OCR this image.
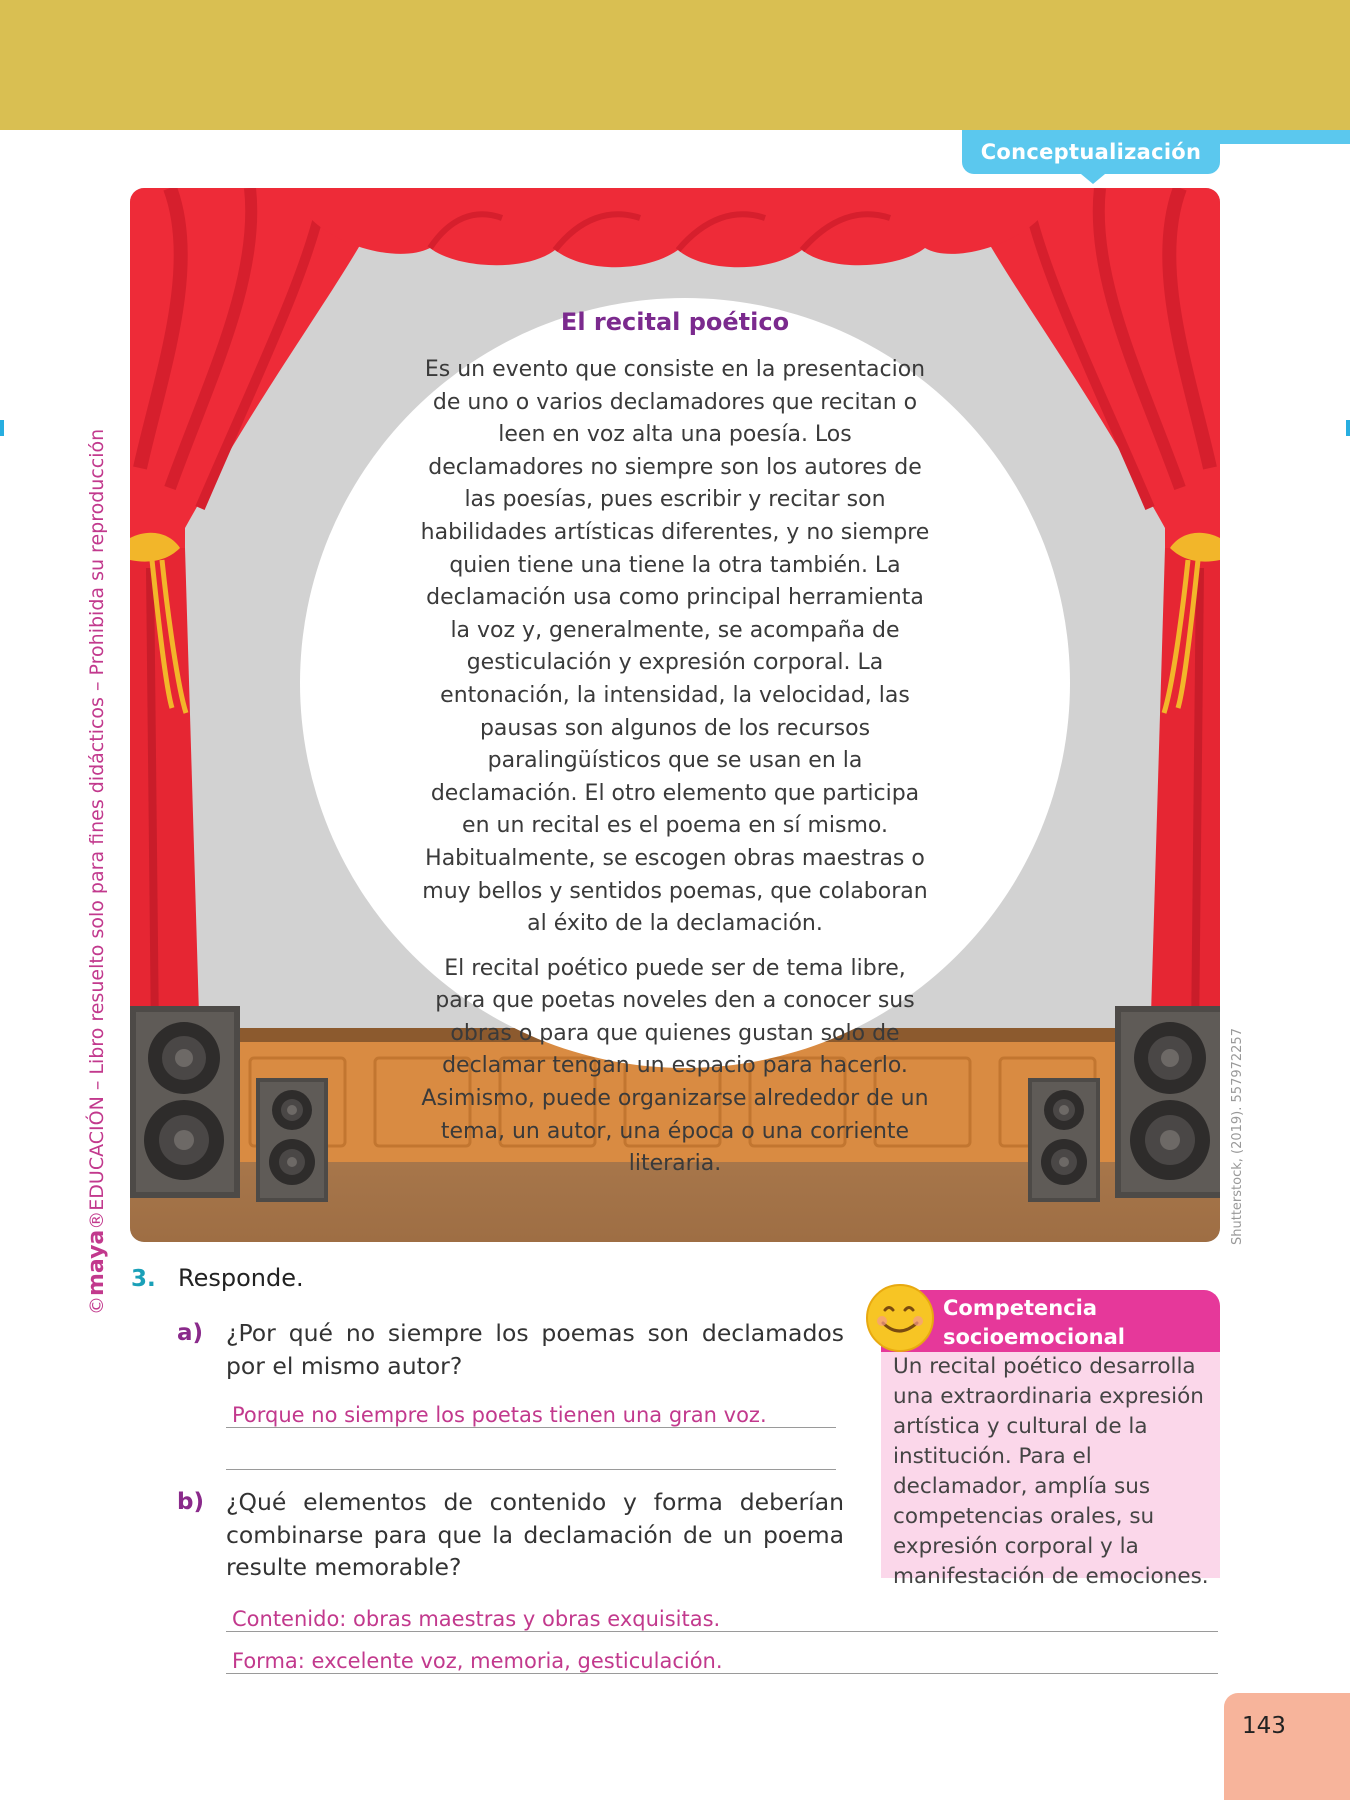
Conceptualización
©maya®EDUCACIÓN – Libro resuelto solo para fines didácticos – Prohibida su reproducción	Shutterstock, (2019). 557972257
El recital poético

Es un evento que consiste en la presentacion de uno o varios declamadores que recitan o leen en voz alta una poesía. Los declamadores no siempre son los autores de las poesías, pues escribir y recitar son habilidades artísticas diferentes, y no siempre quien tiene una tiene la otra también. La declamación usa como principal herramienta la voz y, generalmente, se acompaña de gesticulación y expresión corporal. La entonación, la intensidad, la velocidad, las pausas son algunos de los recursos paralingüísticos que se usan en la declamación. El otro elemento que participa en un recital es el poema en sí mismo. Habitualmente, se escogen obras maestras o muy bellos y sentidos poemas, que colaboran al éxito de la declamación.

El recital poético puede ser de tema libre, para que poetas noveles den a conocer sus obras o para que quienes gustan solo de declamar tengan un espacio para hacerlo. Asimismo, puede organizarse alrededor de un tema, un autor, una época o una corriente literaria.

3. Responde.
a) ¿Por qué no siempre los poemas son declamados por el mismo autor?
Porque no siempre los poetas tienen una gran voz.
b) ¿Qué elementos de contenido y forma deberían combinarse para que la declamación de un poema resulte memorable?
Contenido: obras maestras y obras exquisitas.
Forma: excelente voz, memoria, gesticulación.
Competencia
socioemocional
Un recital poético desarrolla una extraordinaria expresión artística y cultural de la institución. Para el declamador, amplía sus competencias orales, su expresión corporal y la manifestación de emociones.
143
